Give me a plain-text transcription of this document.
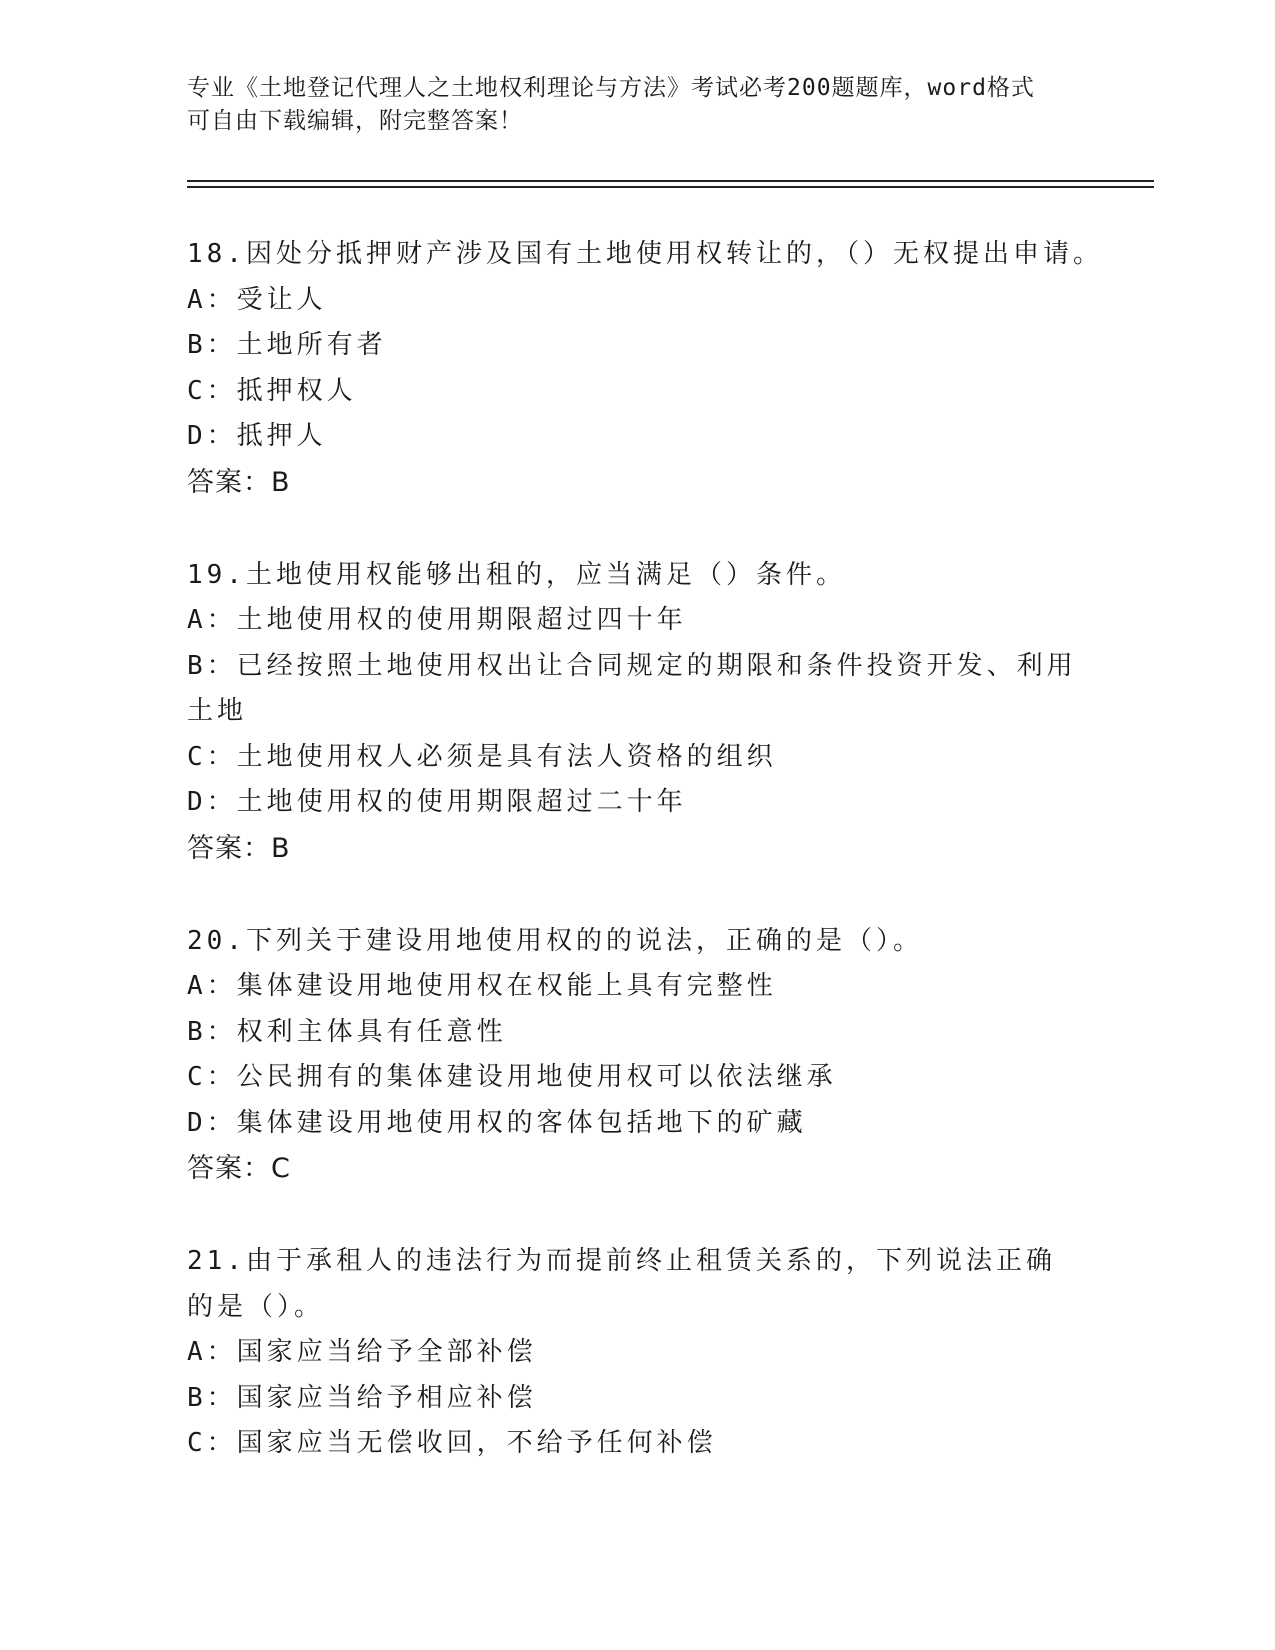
专业《土地登记代理人之土地权利理论与方法》考试必考200题题库，word格式
可自由下载编辑，附完整答案！
18.因处分抵押财产涉及国有土地使用权转让的，（）无权提出申请。
A：受让人
B：土地所有者
C：抵押权人
D：抵押人
答案：B
19.土地使用权能够出租的，应当满足（）条件。
A：土地使用权的使用期限超过四十年
B：已经按照土地使用权出让合同规定的期限和条件投资开发、利用土地
C：土地使用权人必须是具有法人资格的组织
D：土地使用权的使用期限超过二十年
答案：B
20.下列关于建设用地使用权的的说法，正确的是（）。
A：集体建设用地使用权在权能上具有完整性
B：权利主体具有任意性
C：公民拥有的集体建设用地使用权可以依法继承
D：集体建设用地使用权的客体包括地下的矿藏
答案：C
21.由于承租人的违法行为而提前终止租赁关系的，下列说法正确的是（）。
A：国家应当给予全部补偿
B：国家应当给予相应补偿
C：国家应当无偿收回，不给予任何补偿
